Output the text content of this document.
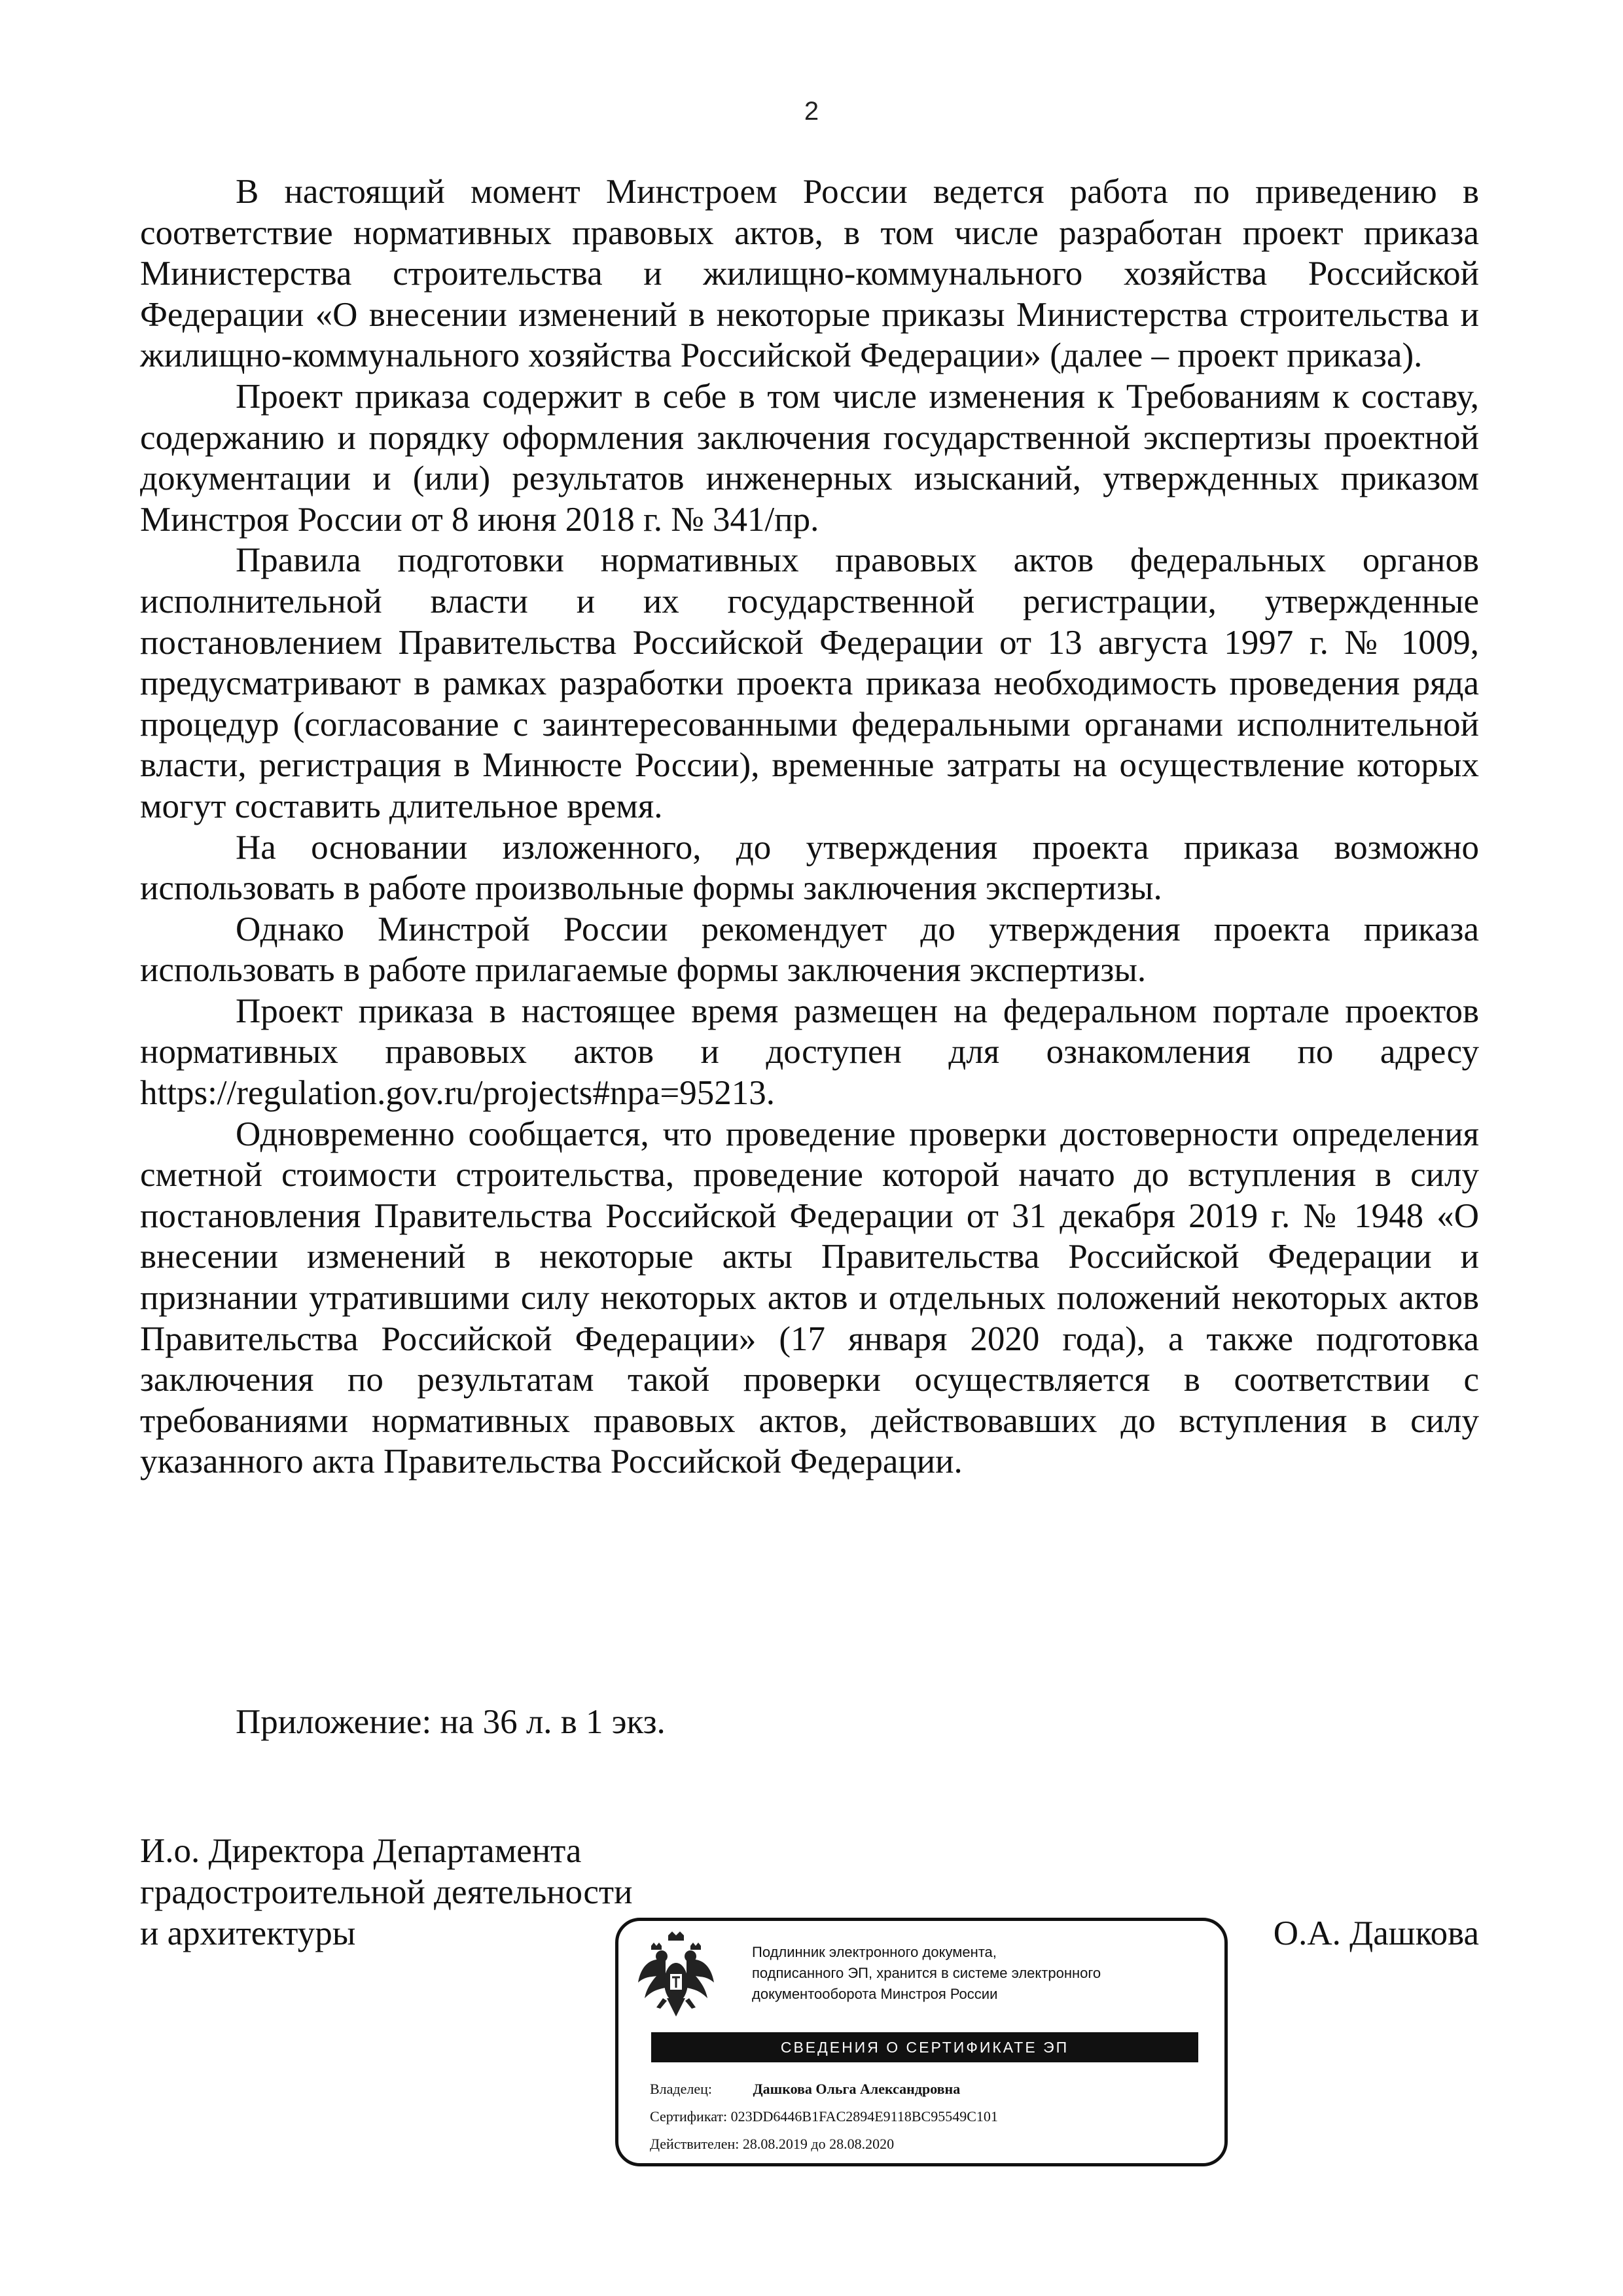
2

В настоящий момент Минстроем России ведется работа по приведению в соответствие нормативных правовых актов, в том числе разработан проект приказа Министерства строительства и жилищно-коммунального хозяйства Российской Федерации «О внесении изменений в некоторые приказы Министерства строительства и жилищно-коммунального хозяйства Российской Федерации» (далее – проект приказа).

Проект приказа содержит в себе в том числе изменения к Требованиям к составу, содержанию и порядку оформления заключения государственной экспертизы проектной документации и (или) результатов инженерных изысканий, утвержденных приказом Минстроя России от 8 июня 2018 г. № 341/пр.

Правила подготовки нормативных правовых актов федеральных органов исполнительной власти и их государственной регистрации, утвержденные постановлением Правительства Российской Федерации от 13 августа 1997 г. № 1009, предусматривают в рамках разработки проекта приказа необходимость проведения ряда процедур (согласование с заинтересованными федеральными органами исполнительной власти, регистрация в Минюсте России), временные затраты на осуществление которых могут составить длительное время.

На основании изложенного, до утверждения проекта приказа возможно использовать в работе произвольные формы заключения экспертизы.

Однако Минстрой России рекомендует до утверждения проекта приказа использовать в работе прилагаемые формы заключения экспертизы.

Проект приказа в настоящее время размещен на федеральном портале проектов нормативных правовых актов и доступен для ознакомления по адресу https://regulation.gov.ru/projects#npa=95213.

Одновременно сообщается, что проведение проверки достоверности определения сметной стоимости строительства, проведение которой начато до вступления в силу постановления Правительства Российской Федерации от 31 декабря 2019 г. № 1948 «О внесении изменений в некоторые акты Правительства Российской Федерации и признании утратившими силу некоторых актов и отдельных положений некоторых актов Правительства Российской Федерации» (17 января 2020 года), а также подготовка заключения по результатам такой проверки осуществляется в соответствии с требованиями нормативных правовых актов, действовавших до вступления в силу указанного акта Правительства Российской Федерации.

Приложение: на 36 л. в 1 экз.
И.о. Директора Департамента
градостроительной деятельности
и архитектуры	О.А. Дашкова
Подлинник электронного документа,
подписанного ЭП, хранится в системе электронного
документооборота Минстроя России
СВЕДЕНИЯ О СЕРТИФИКАТЕ ЭП
Владелец:	Дашкова Ольга Александровна
Сертификат: 023DD6446B1FAC2894E9118BC95549C101
Действителен: 28.08.2019 до 28.08.2020
